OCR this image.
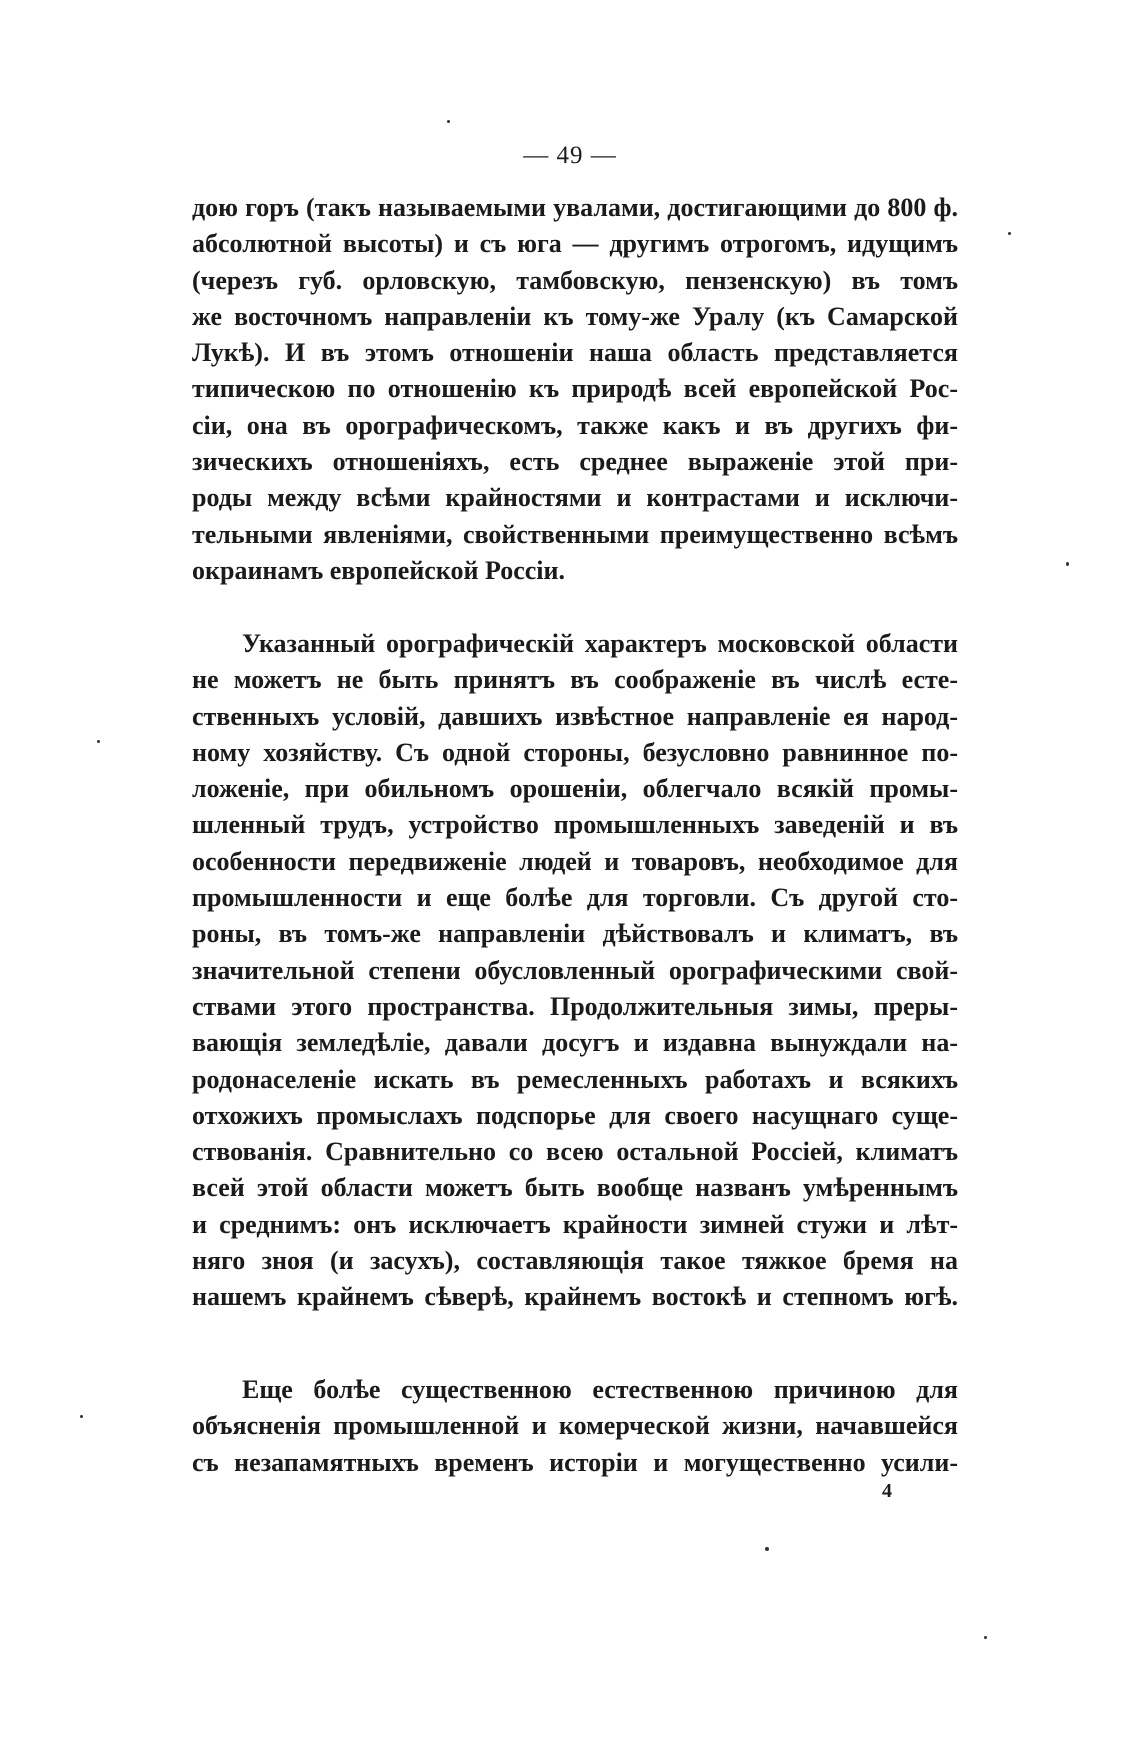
— 49 —
дою горъ (такъ называемыми увалами, достигающими до 800 ф.
абсолютной высоты) и съ юга — другимъ отрогомъ, идущимъ
(черезъ губ. орловскую, тамбовскую, пензенскую) въ томъ
же восточномъ направленіи къ тому-же Уралу (къ Самарской
Лукѣ). И въ этомъ отношеніи наша область представляется
типическою по отношенію къ природѣ всей европейской Рос-
сіи, она въ орографическомъ, также какъ и въ другихъ фи-
зическихъ отношеніяхъ, есть среднее выраженіе этой при-
роды между всѣми крайностями и контрастами и исключи-
тельными явленіями, свойственными преимущественно всѣмъ
окраинамъ европейской Россіи.
Указанный орографическій характеръ московской области
не можетъ не быть принятъ въ соображеніе въ числѣ есте-
ственныхъ условій, давшихъ извѣстное направленіе ея народ-
ному хозяйству. Съ одной стороны, безусловно равнинное по-
ложеніе, при обильномъ орошеніи, облегчало всякій промы-
шленный трудъ, устройство промышленныхъ заведеній и въ
особенности передвиженіе людей и товаровъ, необходимое для
промышленности и еще болѣе для торговли. Съ другой сто-
роны, въ томъ-же направленіи дѣйствовалъ и климатъ, въ
значительной степени обусловленный орографическими свой-
ствами этого пространства. Продолжительныя зимы, преры-
вающія земледѣліе, давали досугъ и издавна вынуждали на-
родонаселеніе искать въ ремесленныхъ работахъ и всякихъ
отхожихъ промыслахъ подспорье для своего насущнаго суще-
ствованія. Сравнительно со всею остальной Россіей, климатъ
всей этой области можетъ быть вообще названъ умѣреннымъ
и среднимъ: онъ исключаетъ крайности зимней стужи и лѣт-
няго зноя (и засухъ), составляющія такое тяжкое бремя на
нашемъ крайнемъ сѣверѣ, крайнемъ востокѣ и степномъ югѣ.
Еще болѣе существенною естественною причиною для
объясненія промышленной и комерческой жизни, начавшейся
съ незапамятныхъ временъ исторіи и могущественно усили-
4
